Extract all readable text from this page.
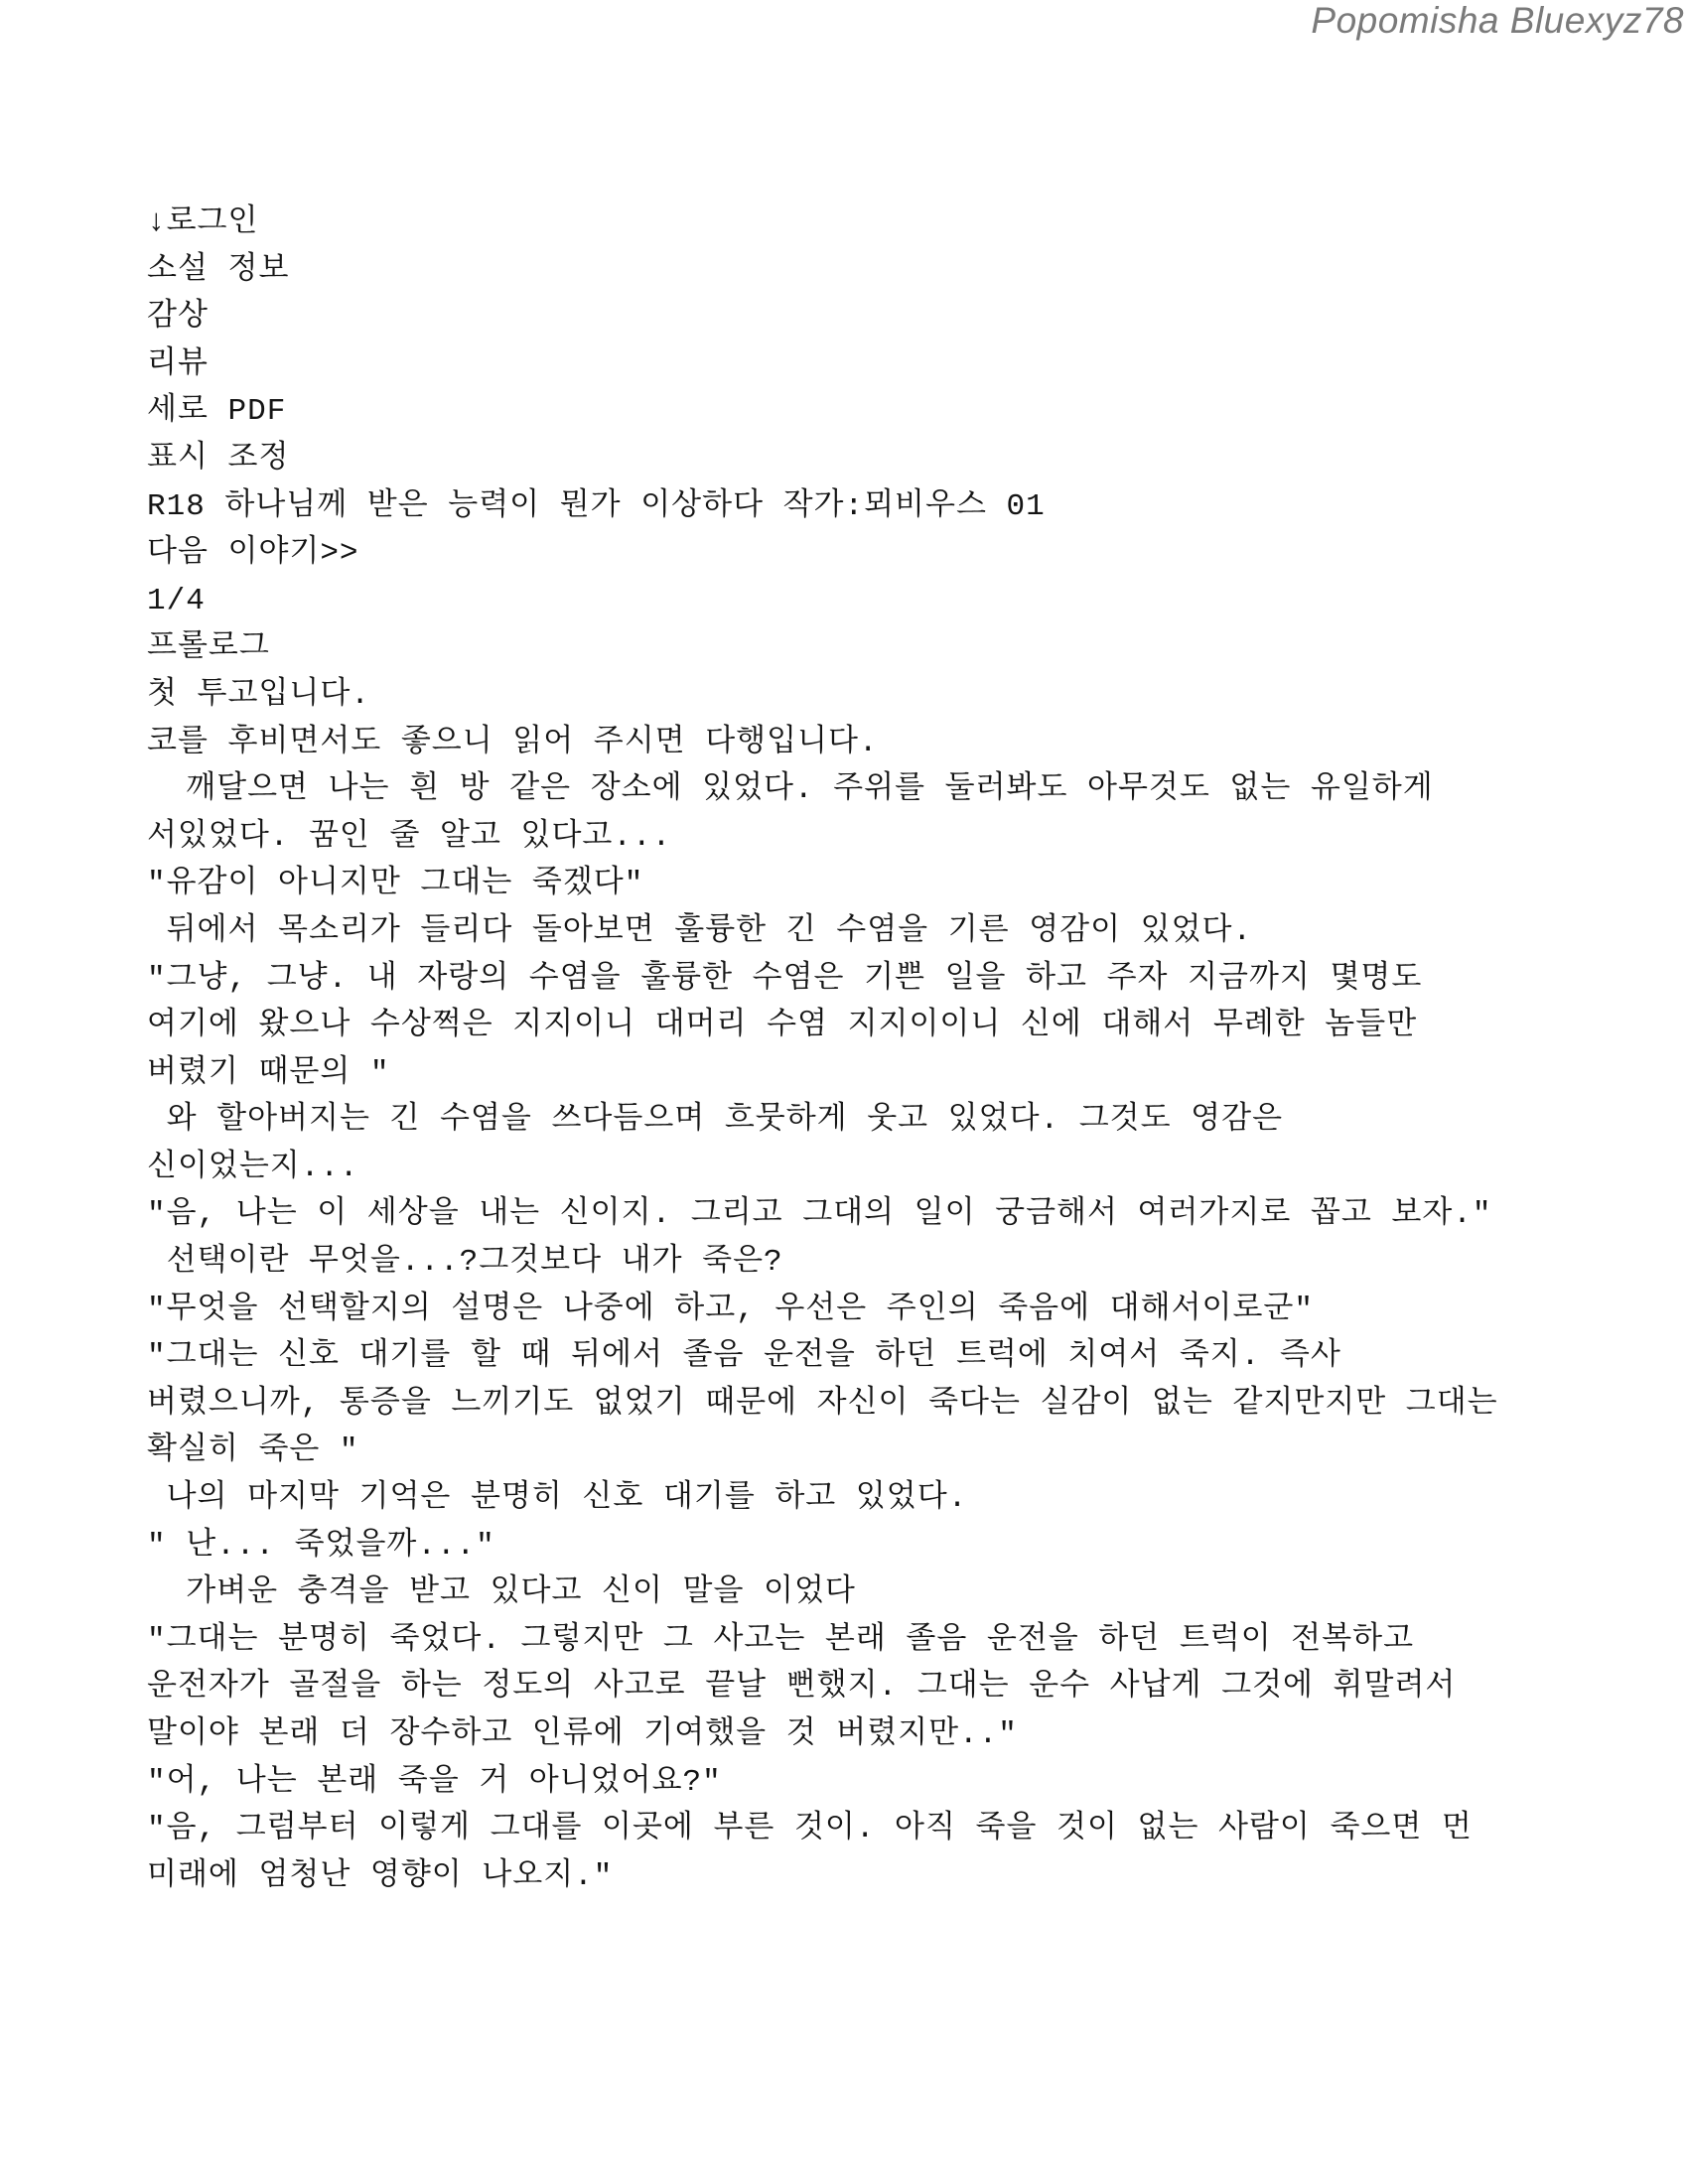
Popomisha Bluexyz78
↓로그인
소설 정보
감상
리뷰
세로 PDF
표시 조정
R18 하나님께 받은 능력이 뭔가 이상하다 작가:뫼비우스 01
다음 이야기>>
1/4
프롤로그
첫 투고입니다.
코를 후비면서도 좋으니 읽어 주시면 다행입니다.
깨달으면 나는 흰 방 같은 장소에 있었다. 주위를 둘러봐도 아무것도 없는 유일하게
서있었다. 꿈인 줄 알고 있다고...
"유감이 아니지만 그대는 죽겠다"
뒤에서 목소리가 들리다 돌아보면 훌륭한 긴 수염을 기른 영감이 있었다.
"그냥, 그냥. 내 자랑의 수염을 훌륭한 수염은 기쁜 일을 하고 주자 지금까지 몇명도
여기에 왔으나 수상쩍은 지지이니 대머리 수염 지지이이니 신에 대해서 무례한 놈들만
버렸기 때문의 "
와 할아버지는 긴 수염을 쓰다듬으며 흐뭇하게 웃고 있었다. 그것도 영감은
신이었는지...
"음, 나는 이 세상을 내는 신이지. 그리고 그대의 일이 궁금해서 여러가지로 꼽고 보자."
선택이란 무엇을...?그것보다 내가 죽은?
"무엇을 선택할지의 설명은 나중에 하고, 우선은 주인의 죽음에 대해서이로군"
"그대는 신호 대기를 할 때 뒤에서 졸음 운전을 하던 트럭에 치여서 죽지. 즉사
버렸으니까, 통증을 느끼기도 없었기 때문에 자신이 죽다는 실감이 없는 같지만지만 그대는
확실히 죽은 "
나의 마지막 기억은 분명히 신호 대기를 하고 있었다.
" 난... 죽었을까..."
가벼운 충격을 받고 있다고 신이 말을 이었다
"그대는 분명히 죽었다. 그렇지만 그 사고는 본래 졸음 운전을 하던 트럭이 전복하고
운전자가 골절을 하는 정도의 사고로 끝날 뻔했지. 그대는 운수 사납게 그것에 휘말려서
말이야 본래 더 장수하고 인류에 기여했을 것 버렸지만.."
"어, 나는 본래 죽을 거 아니었어요?"
"음, 그럼부터 이렇게 그대를 이곳에 부른 것이. 아직 죽을 것이 없는 사람이 죽으면 먼
미래에 엄청난 영향이 나오지."
